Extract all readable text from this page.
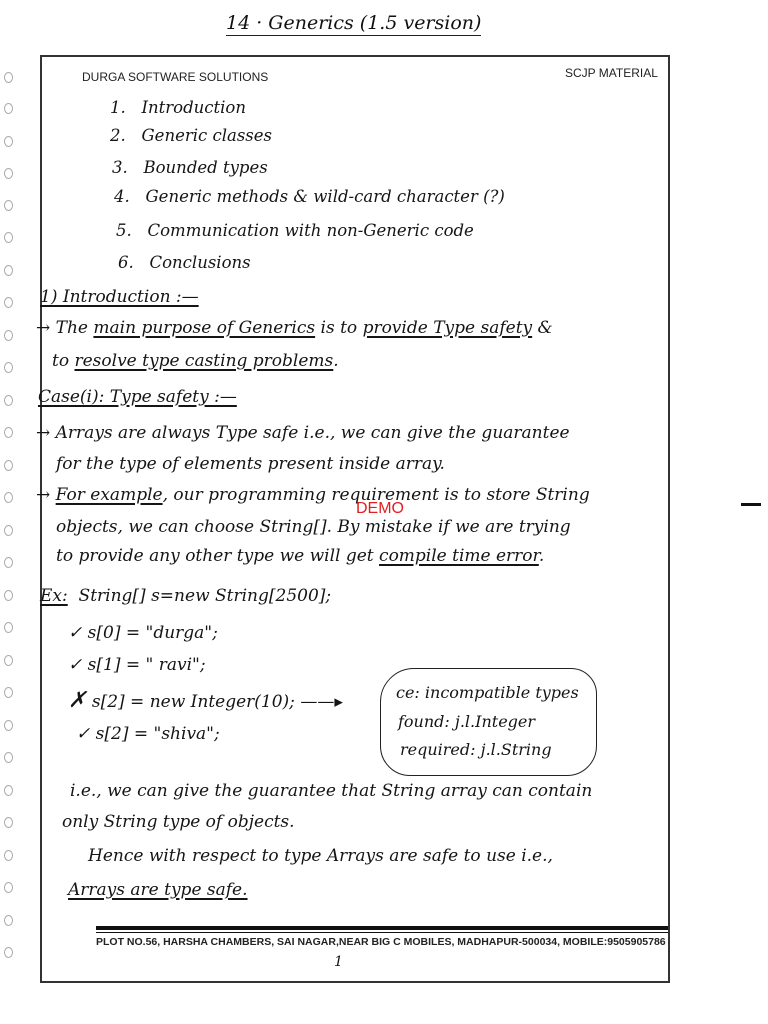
14 · Generics (1.5 version)
DURGA SOFTWARE SOLUTIONS	SCJP MATERIAL
1. Introduction
2. Generic classes
3. Bounded types
4. Generic methods & wild-card character (?)
5. Communication with non-Generic code
6. Conclusions
1) Introduction :—
→ The main purpose of Generics is to provide Type safety &
to resolve type casting problems.
Case(i): Type safety :—
→ Arrays are always Type safe i.e., we can give the guarantee
for the type of elements present inside array.
→ For example, our programming requirement is to store String
objects, we can choose String[]. By mistake if we are trying
to provide any other type we will get compile time error.
DEMO
Ex: String[] s=new String[2500];
✓ s[0] = "durga";
✓ s[1] = " ravi";
✗ s[2] = new Integer(10); ——▸
✓ s[2] = "shiva";
ce: incompatible types
found: j.l.Integer
required: j.l.String
i.e., we can give the guarantee that String array can contain
only String type of objects.
Hence with respect to type Arrays are safe to use i.e.,
Arrays are type safe.
PLOT NO.56, HARSHA CHAMBERS, SAI NAGAR,NEAR BIG C MOBILES, MADHAPUR-500034, MOBILE:9505905786
1
